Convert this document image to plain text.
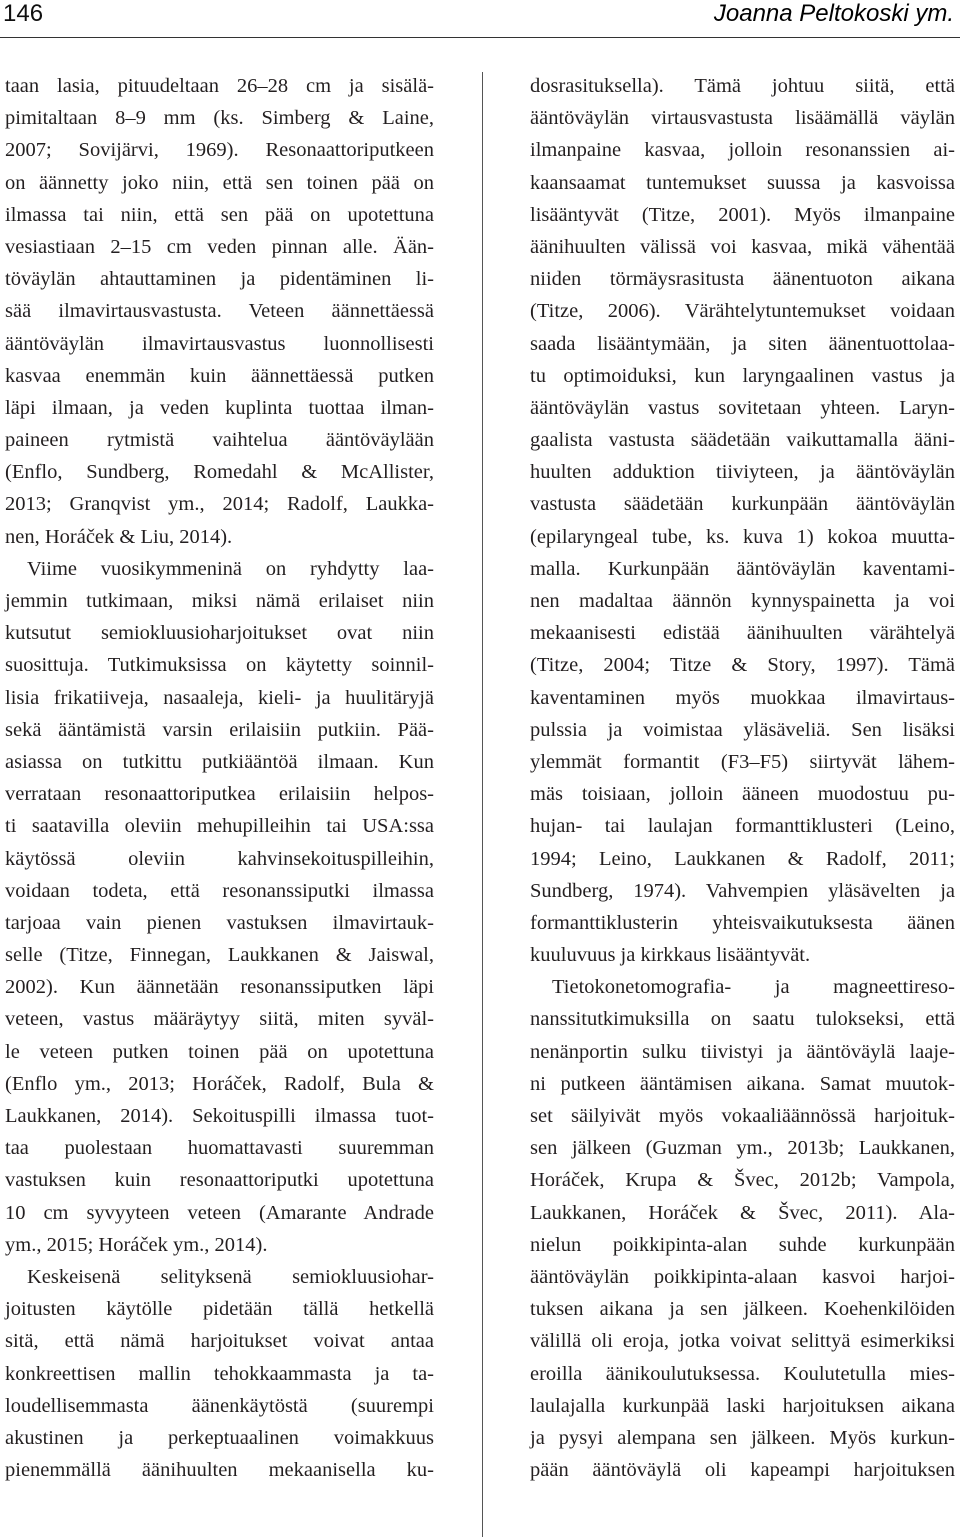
146	Joanna Peltokoski ym.
taan lasia, pituudeltaan 26–28 cm ja sisälä-
pimitaltaan 8–9 mm (ks. Simberg & Laine,
2007; Sovijärvi, 1969). Resonaattoriputkeen
on äännetty joko niin, että sen toinen pää on
ilmassa tai niin, että sen pää on upotettuna
vesiastiaan 2–15 cm veden pinnan alle. Ään-
töväylän ahtauttaminen ja pidentäminen li-
sää ilmavirtausvastusta. Veteen äännettäessä
ääntöväylän ilmavirtausvastus luonnollisesti
kasvaa enemmän kuin äännettäessä putken
läpi ilmaan, ja veden kuplinta tuottaa ilman-
paineen rytmistä vaihtelua ääntöväylään
(Enflo, Sundberg, Romedahl & McAllister,
2013; Granqvist ym., 2014; Radolf, Laukka-
nen, Horáček & Liu, 2014).
Viime vuosikymmeninä on ryhdytty laa-
jemmin tutkimaan, miksi nämä erilaiset niin
kutsutut semiokluusioharjoitukset ovat niin
suosittuja. Tutkimuksissa on käytetty soinnil-
lisia frikatiiveja, nasaaleja, kieli- ja huulitäryjä
sekä ääntämistä varsin erilaisiin putkiin. Pää-
asiassa on tutkittu putkiääntöä ilmaan. Kun
verrataan resonaattoriputkea erilaisiin helpos-
ti saatavilla oleviin mehupilleihin tai USA:ssa
käytössä oleviin kahvinsekoituspilleihin,
voidaan todeta, että resonanssiputki ilmassa
tarjoaa vain pienen vastuksen ilmavirtauk-
selle (Titze, Finnegan, Laukkanen & Jaiswal,
2002). Kun äännetään resonanssiputken läpi
veteen, vastus määräytyy siitä, miten syväl-
le veteen putken toinen pää on upotettuna
(Enflo ym., 2013; Horáček, Radolf, Bula &
Laukkanen, 2014). Sekoituspilli ilmassa tuot-
taa puolestaan huomattavasti suuremman
vastuksen kuin resonaattoriputki upotettuna
10 cm syvyyteen veteen (Amarante Andrade
ym., 2015; Horáček ym., 2014).
Keskeisenä selityksenä semiokluusiohar-
joitusten käytölle pidetään tällä hetkellä
sitä, että nämä harjoitukset voivat antaa
konkreettisen mallin tehokkaammasta ja ta-
loudellisemmasta äänenkäytöstä (suurempi
akustinen ja perkeptuaalinen voimakkuus
pienemmällä äänihuulten mekaanisella ku-
dosrasituksella). Tämä johtuu siitä, että
ääntöväylän virtausvastusta lisäämällä väylän
ilmanpaine kasvaa, jolloin resonanssien ai-
kaansaamat tuntemukset suussa ja kasvoissa
lisääntyvät (Titze, 2001). Myös ilmanpaine
äänihuulten välissä voi kasvaa, mikä vähentää
niiden törmäysrasitusta äänentuoton aikana
(Titze, 2006). Värähtelytuntemukset voidaan
saada lisääntymään, ja siten äänentuottolaa-
tu optimoiduksi, kun laryngaalinen vastus ja
ääntöväylän vastus sovitetaan yhteen. Laryn-
gaalista vastusta säädetään vaikuttamalla ääni-
huulten adduktion tiiviyteen, ja ääntöväylän
vastusta säädetään kurkunpään ääntöväylän
(epilaryngeal tube, ks. kuva 1) kokoa muutta-
malla. Kurkunpään ääntöväylän kaventami-
nen madaltaa äännön kynnyspainetta ja voi
mekaanisesti edistää äänihuulten värähtelyä
(Titze, 2004; Titze & Story, 1997). Tämä
kaventaminen myös muokkaa ilmavirtaus-
pulssia ja voimistaa yläsäveliä. Sen lisäksi
ylemmät formantit (F3–F5) siirtyvät lähem-
mäs toisiaan, jolloin ääneen muodostuu pu-
hujan- tai laulajan formanttiklusteri (Leino,
1994; Leino, Laukkanen & Radolf, 2011;
Sundberg, 1974). Vahvempien yläsävelten ja
formanttiklusterin yhteisvaikutuksesta äänen
kuuluvuus ja kirkkaus lisääntyvät.
Tietokonetomografia- ja magneettireso-
nanssitutkimuksilla on saatu tulokseksi, että
nenänportin sulku tiivistyi ja ääntöväylä laaje-
ni putkeen ääntämisen aikana. Samat muutok-
set säilyivät myös vokaaliäännössä harjoituk-
sen jälkeen (Guzman ym., 2013b; Laukkanen,
Horáček, Krupa & Švec, 2012b; Vampola,
Laukkanen, Horáček & Švec, 2011). Ala-
nielun poikkipinta-alan suhde kurkunpään
ääntöväylän poikkipinta-alaan kasvoi harjoi-
tuksen aikana ja sen jälkeen. Koehenkilöiden
välillä oli eroja, jotka voivat selittyä esimerkiksi
eroilla äänikoulutuksessa. Koulutetulla mies-
laulajalla kurkunpää laski harjoituksen aikana
ja pysyi alempana sen jälkeen. Myös kurkun-
pään ääntöväylä oli kapeampi harjoituksen
